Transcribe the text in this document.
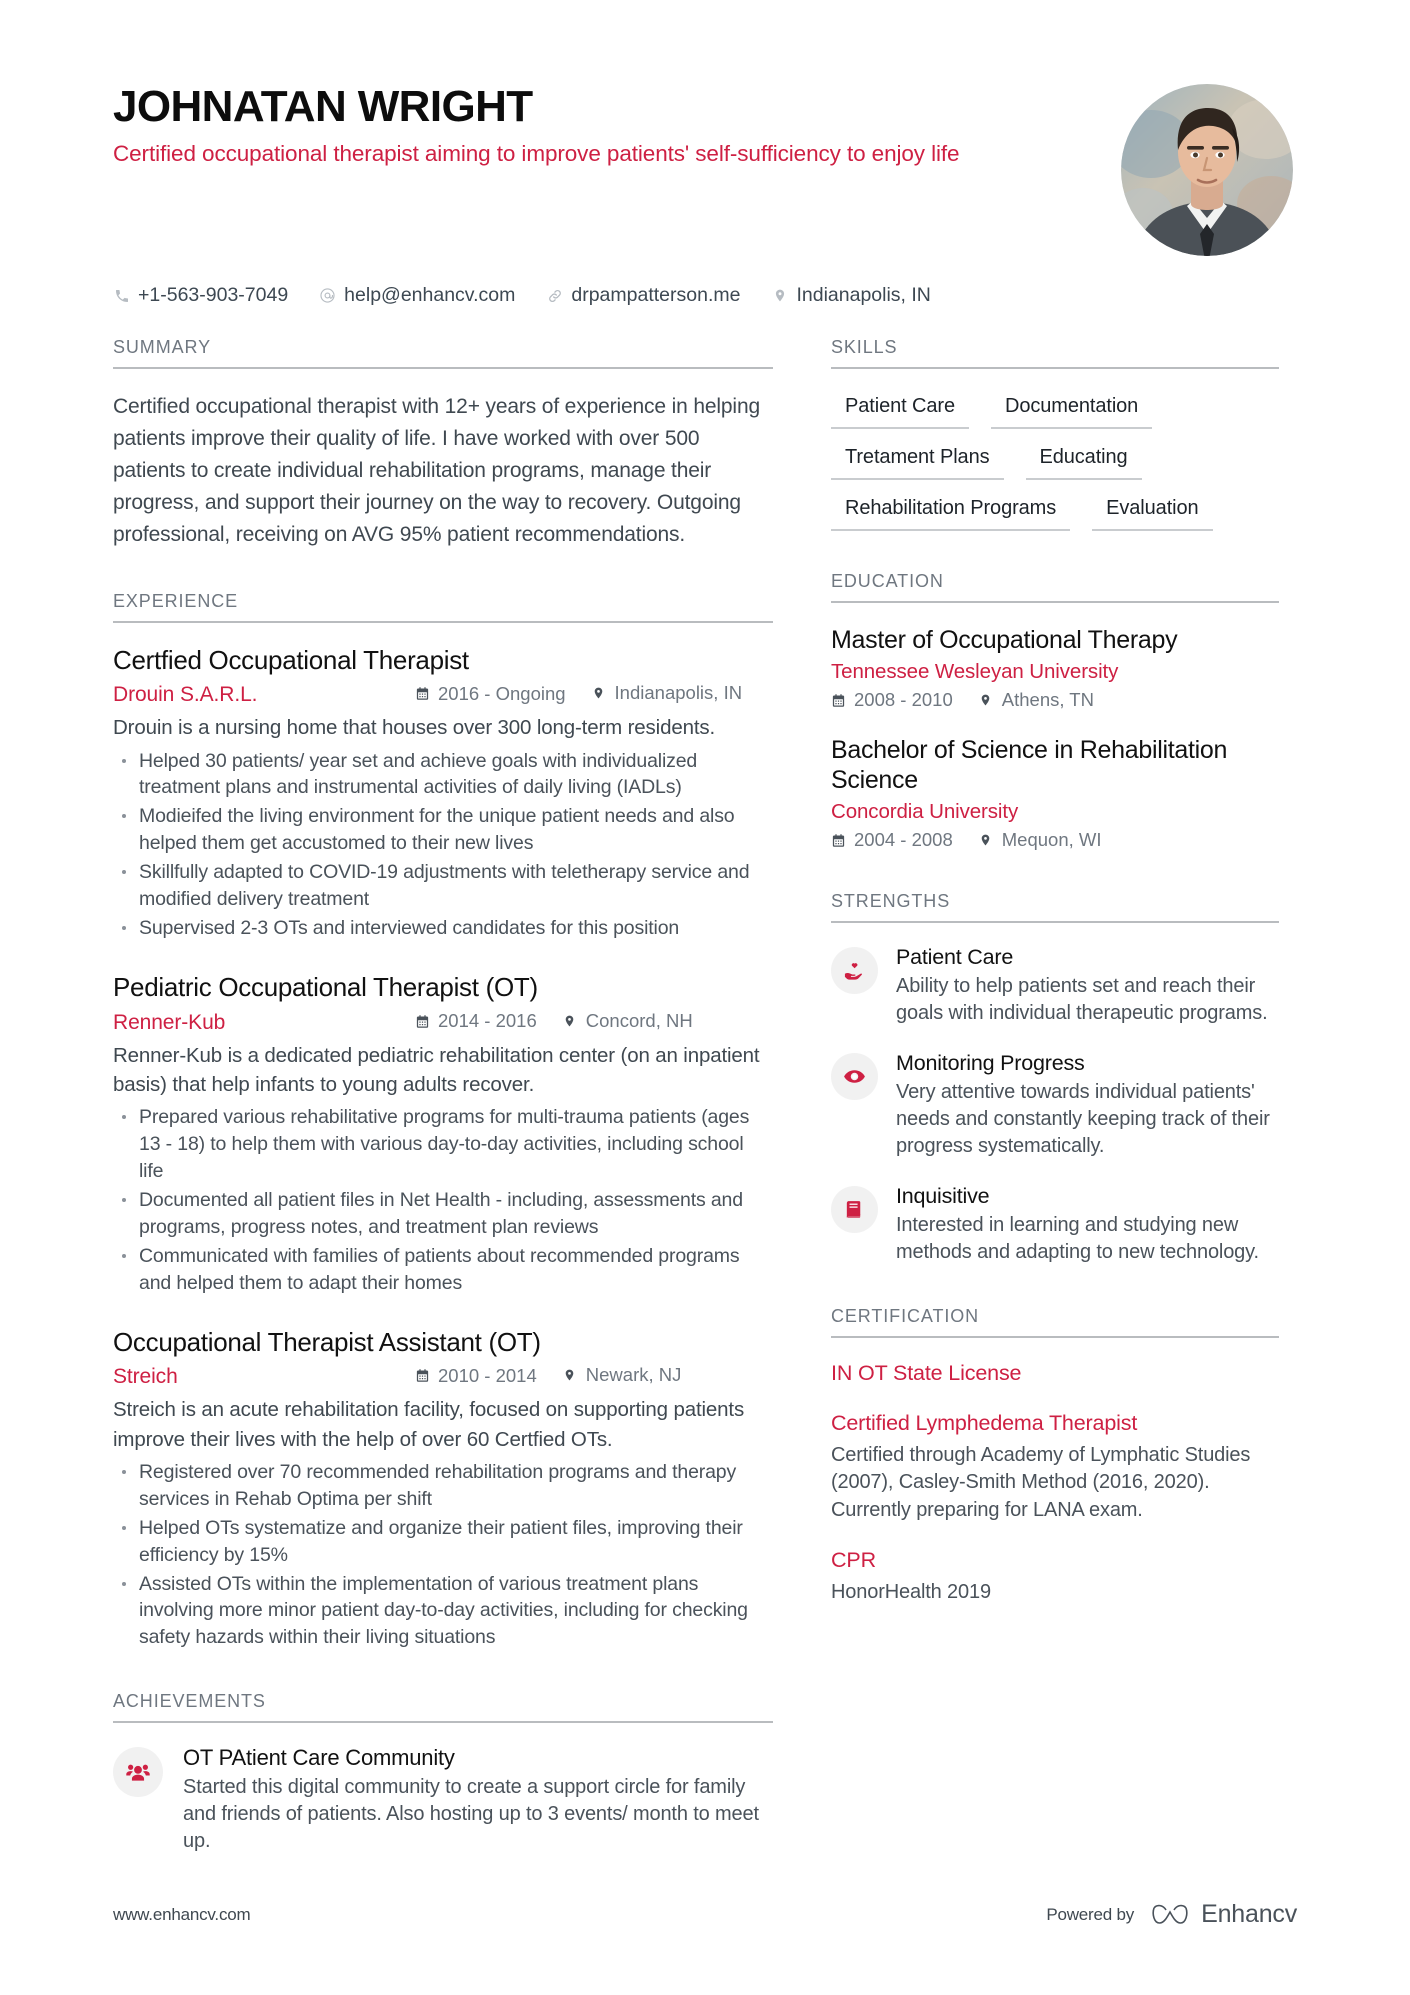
JOHNATAN WRIGHT
Certified occupational therapist aiming to improve patients' self-sufficiency to enjoy life
+1-563-903-7049	help@enhancv.com	drpampatterson.me	Indianapolis, IN
SUMMARY
Certified occupational therapist with 12+ years of experience in helping patients improve their quality of life. I have worked with over 500 patients to create individual rehabilitation programs, manage their progress, and support their journey on the way to recovery. Outgoing professional, receiving on AVG 95% patient recommendations.
EXPERIENCE
Certfied Occupational Therapist
Drouin S.A.R.L.	2016 - Ongoing	Indianapolis, IN
Drouin is a nursing home that houses over 300 long-term residents.
Helped 30 patients/ year set and achieve goals with individualized treatment plans and instrumental activities of daily living (IADLs)
Modieifed the living environment for the unique patient needs and also helped them get accustomed to their new lives
Skillfully adapted to COVID-19 adjustments with teletherapy service and modified delivery treatment
Supervised 2-3 OTs and interviewed candidates for this position
Pediatric Occupational Therapist (OT)
Renner-Kub	2014 - 2016	Concord, NH
Renner-Kub is a dedicated pediatric rehabilitation center (on an inpatient basis) that help infants to young adults recover.
Prepared various rehabilitative programs for multi-trauma patients (ages 13 - 18) to help them with various day-to-day activities, including school life
Documented all patient files in Net Health - including, assessments and programs, progress notes, and treatment plan reviews
Communicated with families of patients about recommended programs and helped them to adapt their homes
Occupational Therapist Assistant (OT)
Streich	2010 - 2014	Newark, NJ
Streich is an acute rehabilitation facility, focused on supporting patients improve their lives with the help of over 60 Certfied OTs.
Registered over 70 recommended rehabilitation programs and therapy services in Rehab Optima per shift
Helped OTs systematize and organize their patient files, improving their efficiency by 15%
Assisted OTs within the implementation of various treatment plans involving more minor patient day-to-day activities, including for checking safety hazards within their living situations
ACHIEVEMENTS
OT PAtient Care Community
Started this digital community to create a support circle for family and friends of patients. Also hosting up to 3 events/ month to meet up.
SKILLS
Patient Care	Documentation
Tretament Plans	Educating
Rehabilitation Programs	Evaluation
EDUCATION
Master of Occupational Therapy
Tennessee Wesleyan University
2008 - 2010	Athens, TN
Bachelor of Science in Rehabilitation Science
Concordia University
2004 - 2008	Mequon, WI
STRENGTHS
Patient Care
Ability to help patients set and reach their goals with individual therapeutic programs.
Monitoring Progress
Very attentive towards individual patients' needs and constantly keeping track of their progress systematically.
Inquisitive
Interested in learning and studying new methods and adapting to new technology.
CERTIFICATION
IN OT State License
Certified Lymphedema Therapist
Certified through Academy of Lymphatic Studies (2007), Casley-Smith Method (2016, 2020). Currently preparing for LANA exam.
CPR
HonorHealth 2019
www.enhancv.com	Powered by	Enhancv
